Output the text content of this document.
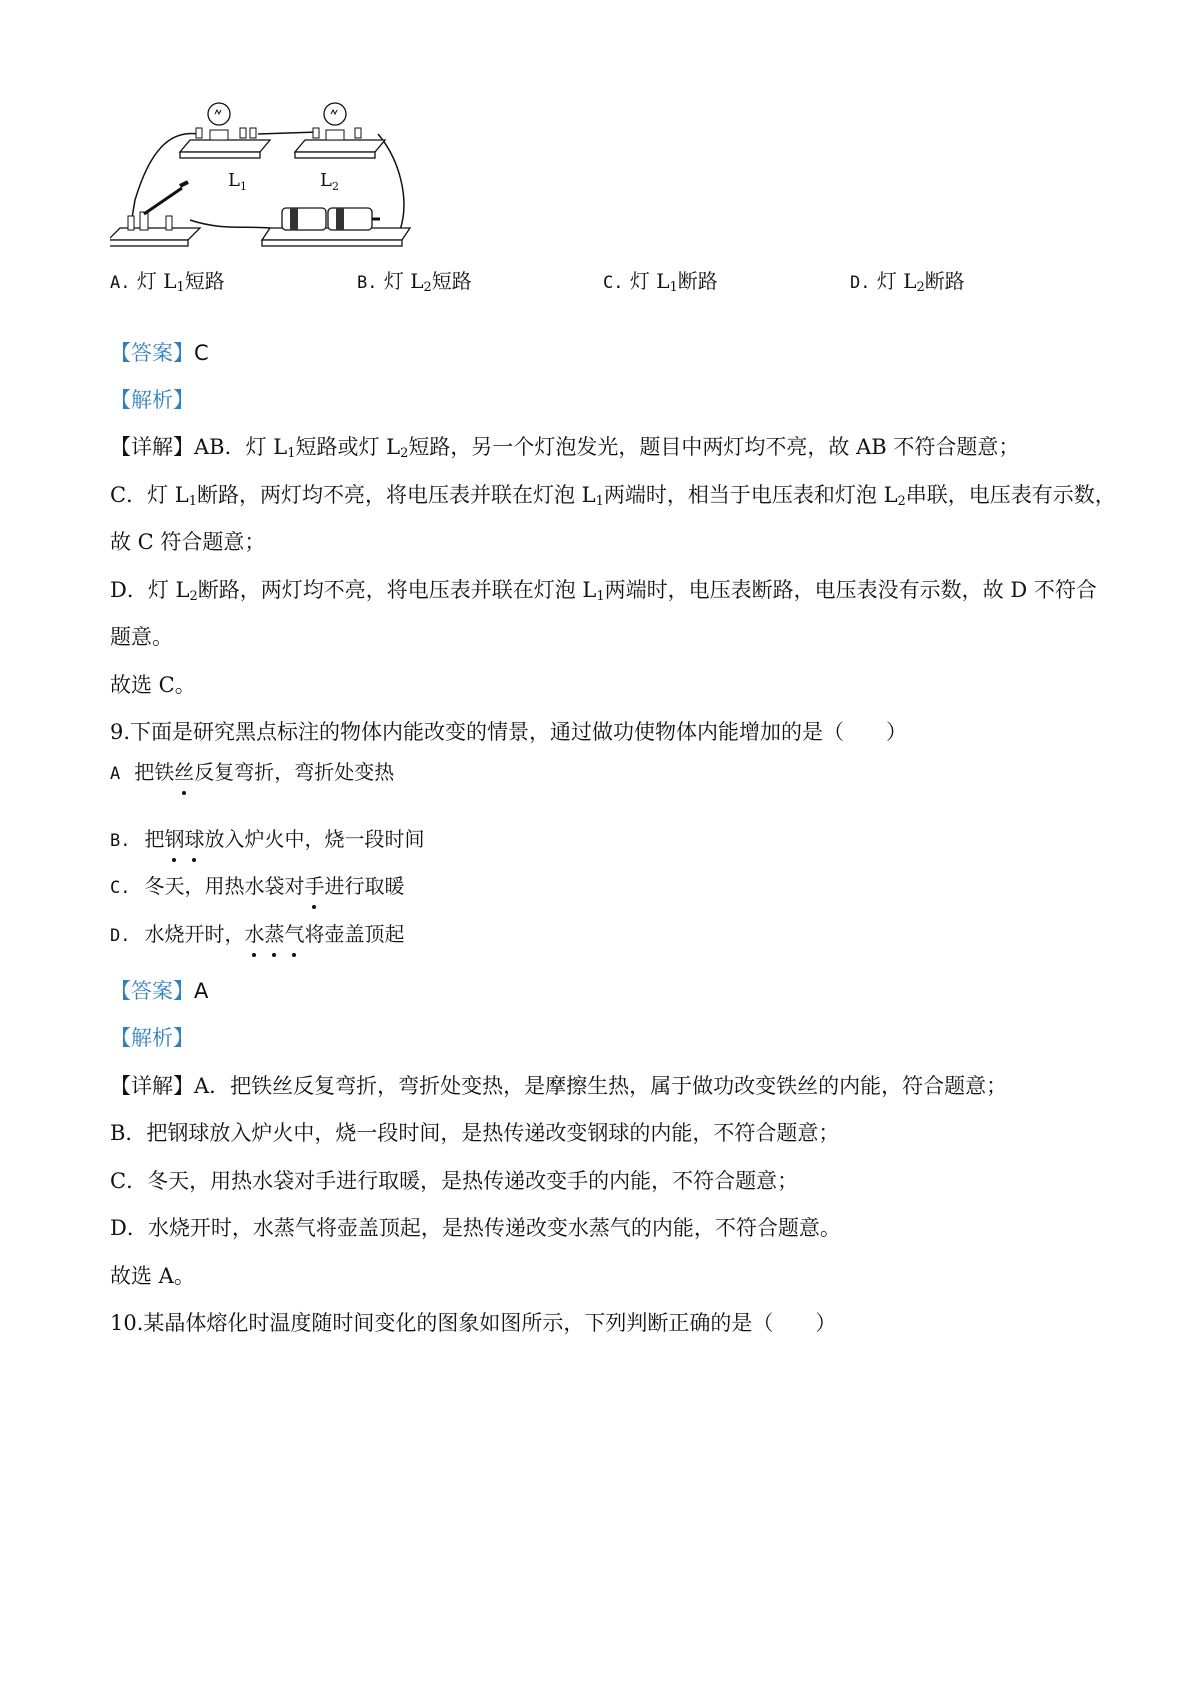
$L_1$	$L_2$
A. 灯 $L_1$短路	B. 灯 $L_2$短路	C. 灯 $L_1$断路	D. 灯 $L_2$断路
【答案】C
【解析】
【详解】AB．灯 $L_1$短路或灯 $L_2$短路，另一个灯泡发光，题目中两灯均不亮，故 AB 不符合题意；
C．灯 $L_1$断路，两灯均不亮，将电压表并联在灯泡 $L_1$两端时，相当于电压表和灯泡 $L_2$串联，电压表有示数，
故 C 符合题意；
D．灯 $L_2$断路，两灯均不亮，将电压表并联在灯泡 $L_1$两端时，电压表断路，电压表没有示数，故 D 不符合
题意。
故选 C。
9.下面是研究黑点标注的物体内能改变的情景，通过做功使物体内能增加的是（　　）
A 把铁丝反复弯折，弯折处变热
B. 把钢球放入炉火中，烧一段时间
C. 冬天，用热水袋对手进行取暖
D. 水烧开时，水蒸气将壶盖顶起
【答案】A
【解析】
【详解】A．把铁丝反复弯折，弯折处变热，是摩擦生热，属于做功改变铁丝的内能，符合题意；
B．把钢球放入炉火中，烧一段时间，是热传递改变钢球的内能，不符合题意；
C．冬天，用热水袋对手进行取暖，是热传递改变手的内能，不符合题意；
D．水烧开时，水蒸气将壶盖顶起，是热传递改变水蒸气的内能，不符合题意。
故选 A。
10.某晶体熔化时温度随时间变化的图象如图所示，下列判断正确的是（　　）
